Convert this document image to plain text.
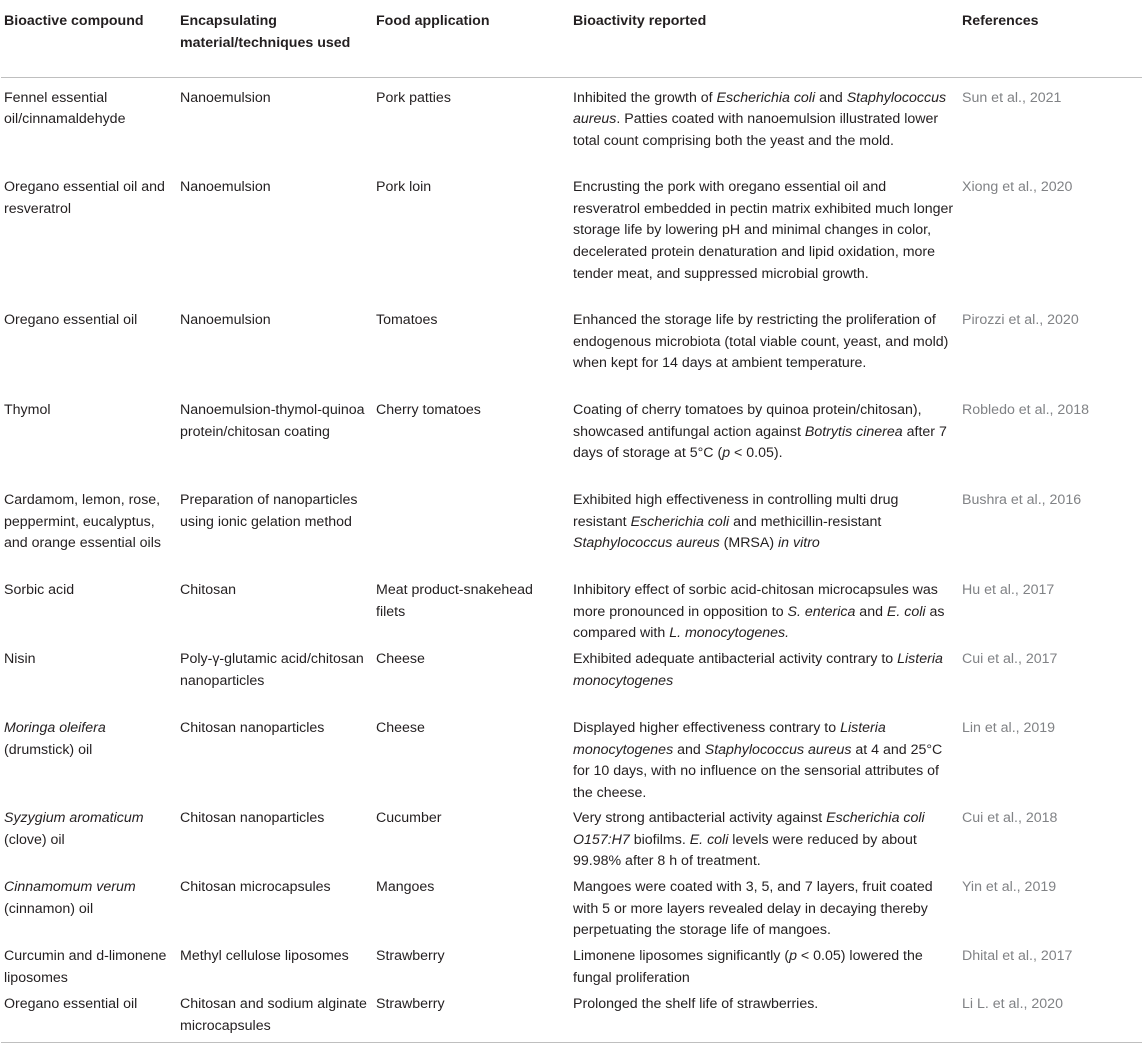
Bioactive compound	Encapsulating material/techniques used	Food application	Bioactivity reported	References
Fennel essential oil/cinnamaldehyde	Nanoemulsion	Pork patties	Inhibited the growth of Escherichia coli and Staphylococcus aureus. Patties coated with nanoemulsion illustrated lower total count comprising both the yeast and the mold.	Sun et al., 2021
Oregano essential oil and resveratrol	Nanoemulsion	Pork loin	Encrusting the pork with oregano essential oil and resveratrol embedded in pectin matrix exhibited much longer storage life by lowering pH and minimal changes in color, decelerated protein denaturation and lipid oxidation, more tender meat, and suppressed microbial growth.	Xiong et al., 2020
Oregano essential oil	Nanoemulsion	Tomatoes	Enhanced the storage life by restricting the proliferation of endogenous microbiota (total viable count, yeast, and mold) when kept for 14 days at ambient temperature.	Pirozzi et al., 2020
Thymol	Nanoemulsion-thymol-quinoa protein/chitosan coating	Cherry tomatoes	Coating of cherry tomatoes by quinoa protein/chitosan), showcased antifungal action against Botrytis cinerea after 7 days of storage at 5°C (p < 0.05).	Robledo et al., 2018
Cardamom, lemon, rose, peppermint, eucalyptus, and orange essential oils	Preparation of nanoparticles using ionic gelation method		Exhibited high effectiveness in controlling multi drug resistant Escherichia coli and methicillin-resistant Staphylococcus aureus (MRSA) in vitro	Bushra et al., 2016
Sorbic acid	Chitosan	Meat product-snakehead filets	Inhibitory effect of sorbic acid-chitosan microcapsules was more pronounced in opposition to S. enterica and E. coli as compared with L. monocytogenes.	Hu et al., 2017
Nisin	Poly-γ-glutamic acid/chitosan nanoparticles	Cheese	Exhibited adequate antibacterial activity contrary to Listeria monocytogenes	Cui et al., 2017
Moringa oleifera (drumstick) oil	Chitosan nanoparticles	Cheese	Displayed higher effectiveness contrary to Listeria monocytogenes and Staphylococcus aureus at 4 and 25°C for 10 days, with no influence on the sensorial attributes of the cheese.	Lin et al., 2019
Syzygium aromaticum (clove) oil	Chitosan nanoparticles	Cucumber	Very strong antibacterial activity against Escherichia coli O157:H7 biofilms. E. coli levels were reduced by about 99.98% after 8 h of treatment.	Cui et al., 2018
Cinnamomum verum (cinnamon) oil	Chitosan microcapsules	Mangoes	Mangoes were coated with 3, 5, and 7 layers, fruit coated with 5 or more layers revealed delay in decaying thereby perpetuating the storage life of mangoes.	Yin et al., 2019
Curcumin and d-limonene liposomes	Methyl cellulose liposomes	Strawberry	Limonene liposomes significantly (p < 0.05) lowered the fungal proliferation	Dhital et al., 2017
Oregano essential oil	Chitosan and sodium alginate microcapsules	Strawberry	Prolonged the shelf life of strawberries.	Li L. et al., 2020
